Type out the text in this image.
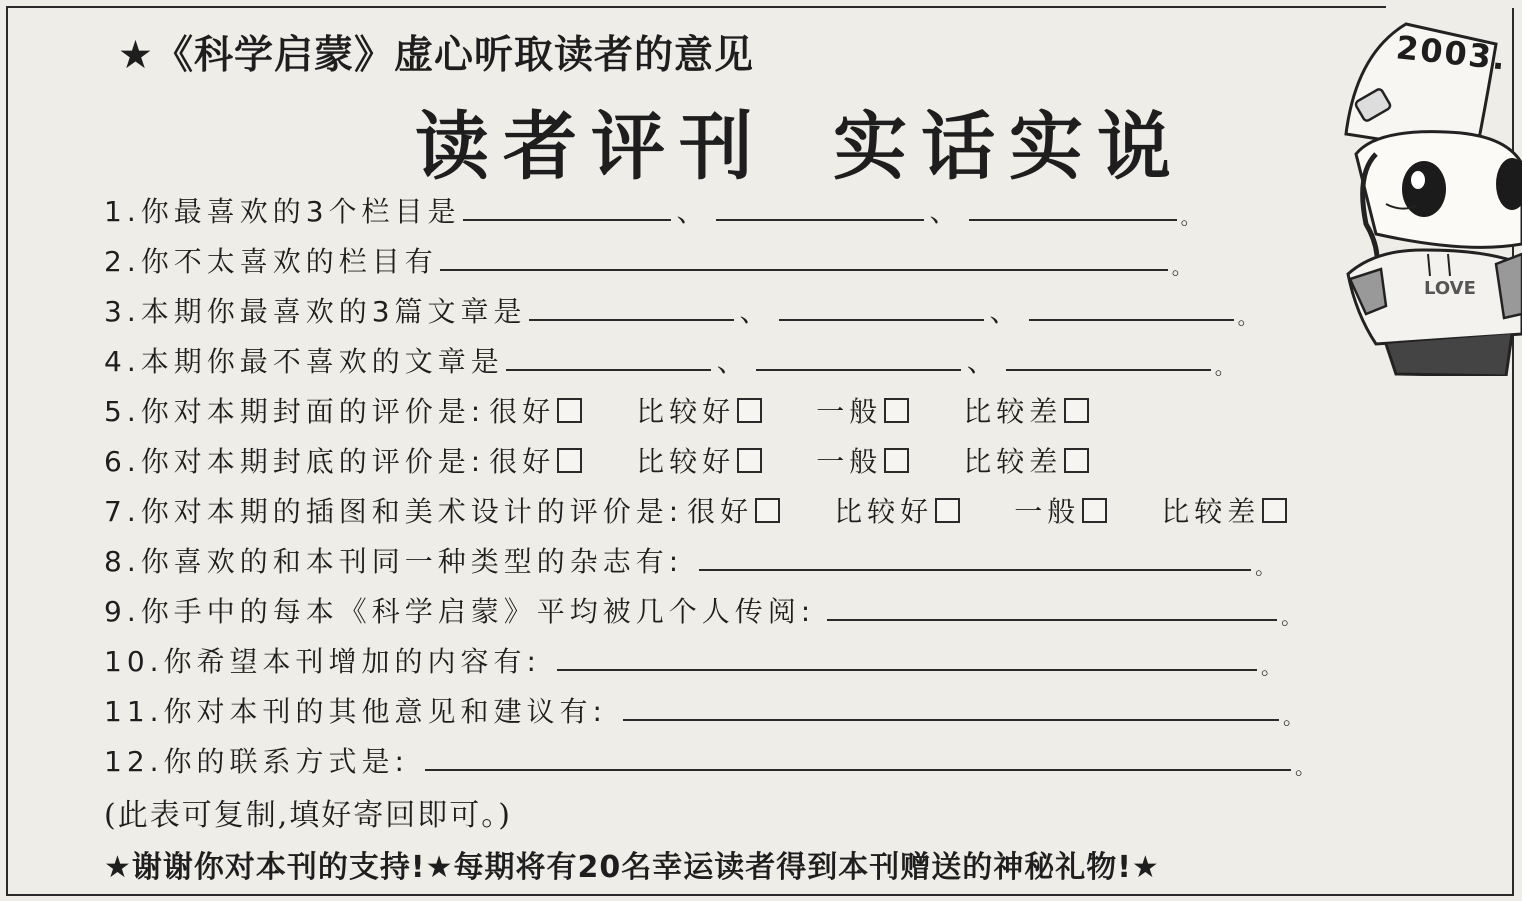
★《科学启蒙》虚心听取读者的意见
读者评刊 实话实说
LOVE
2003.
1.你最喜欢的3个栏目是	、	、	。
2.你不太喜欢的栏目有	。
3.本期你最喜欢的3篇文章是	、	、	。
4.本期你最不喜欢的文章是	、	、	。
5.你对本期封面的评价是: 很好	比较好	一般	比较差
6.你对本期封底的评价是: 很好	比较好	一般	比较差
7.你对本期的插图和美术设计的评价是: 很好	比较好	一般	比较差
8.你喜欢的和本刊同一种类型的杂志有:	。
9.你手中的每本《科学启蒙》平均被几个人传阅:	。
10.你希望本刊增加的内容有:	。
11.你对本刊的其他意见和建议有:	。
12.你的联系方式是:	。
(此表可复制,填好寄回即可。)
★谢谢你对本刊的支持!★每期将有20名幸运读者得到本刊赠送的神秘礼物!★
